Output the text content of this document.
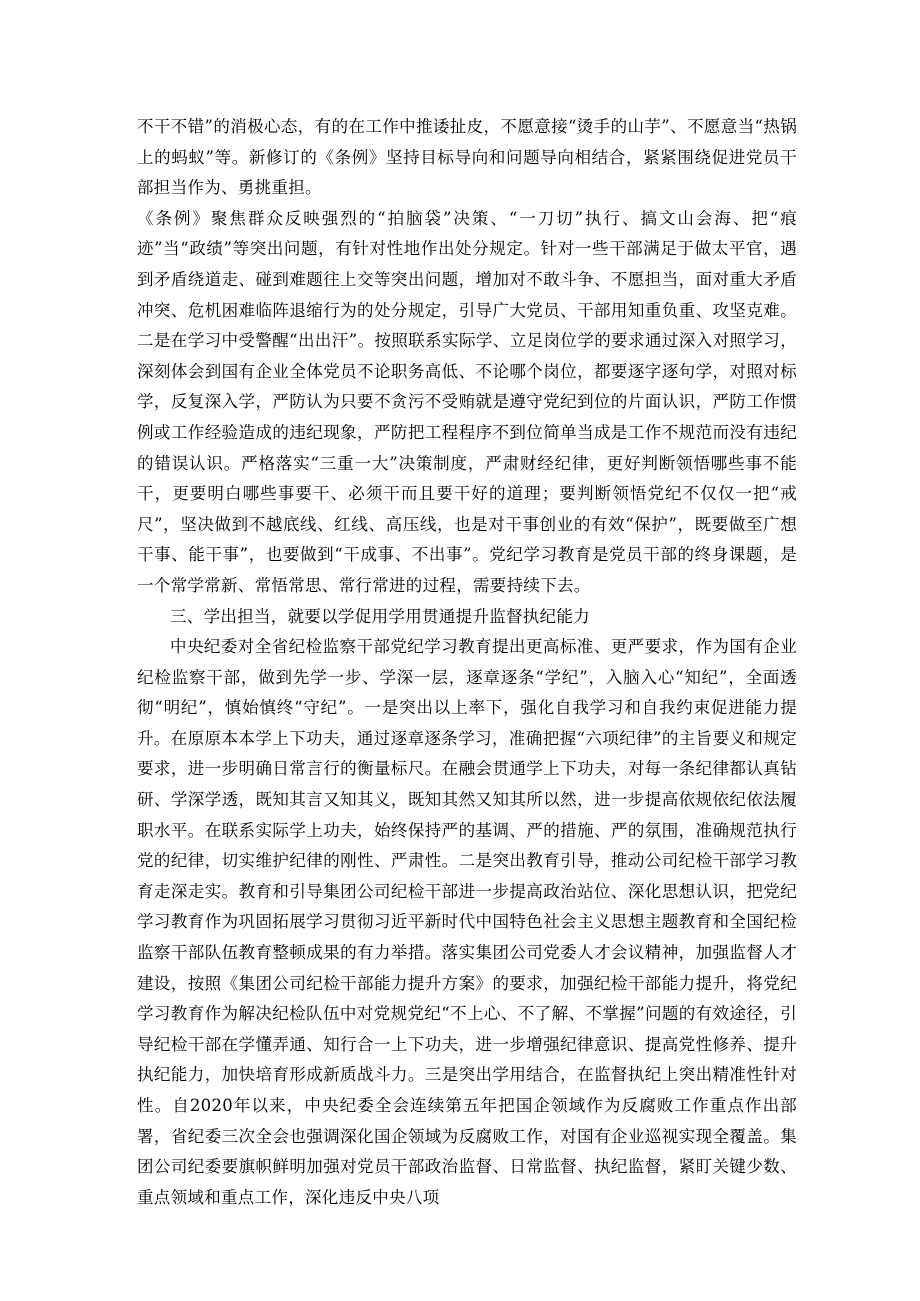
不干不错”的消极心态，有的在工作中推诿扯皮，不愿意接“烫手的山芋”、不愿意当“热锅上的蚂蚁”等。新修订的《条例》坚持目标导向和问题导向相结合，紧紧围绕促进党员干部担当作为、勇挑重担。

《条例》聚焦群众反映强烈的“拍脑袋”决策、“一刀切”执行、搞文山会海、把“痕迹”当“政绩”等突出问题，有针对性地作出处分规定。针对一些干部满足于做太平官，遇到矛盾绕道走、碰到难题往上交等突出问题，增加对不敢斗争、不愿担当，面对重大矛盾冲突、危机困难临阵退缩行为的处分规定，引导广大党员、干部用知重负重、攻坚克难。二是在学习中受警醒“出出汗”。按照联系实际学、立足岗位学的要求通过深入对照学习，深刻体会到国有企业全体党员不论职务高低、不论哪个岗位，都要逐字逐句学，对照对标学，反复深入学，严防认为只要不贪污不受贿就是遵守党纪到位的片面认识，严防工作惯例或工作经验造成的违纪现象，严防把工程程序不到位简单当成是工作不规范而没有违纪的错误认识。严格落实“三重一大”决策制度，严肃财经纪律，更好判断领悟哪些事不能干，更要明白哪些事要干、必须干而且要干好的道理；要判断领悟党纪不仅仅一把“戒尺”，坚决做到不越底线、红线、高压线，也是对干事创业的有效“保护”，既要做至广想干事、能干事”，也要做到“干成事、不出事”。党纪学习教育是党员干部的终身课题，是一个常学常新、常悟常思、常行常进的过程，需要持续下去。

三、学出担当，就要以学促用学用贯通提升监督执纪能力

中央纪委对全省纪检监察干部党纪学习教育提出更高标准、更严要求，作为国有企业纪检监察干部，做到先学一步、学深一层，逐章逐条“学纪”，入脑入心“知纪”，全面透彻“明纪”，慎始慎终“守纪”。一是突出以上率下，强化自我学习和自我约束促进能力提升。在原原本本学上下功夫，通过逐章逐条学习，准确把握“六项纪律”的主旨要义和规定要求，进一步明确日常言行的衡量标尺。在融会贯通学上下功夫，对每一条纪律都认真钻研、学深学透，既知其言又知其义，既知其然又知其所以然，进一步提高依规依纪依法履职水平。在联系实际学上功夫，始终保持严的基调、严的措施、严的氛围，准确规范执行党的纪律，切实维护纪律的刚性、严肃性。二是突出教育引导，推动公司纪检干部学习教育走深走实。教育和引导集团公司纪检干部进一步提高政治站位、深化思想认识，把党纪学习教育作为巩固拓展学习贯彻习近平新时代中国特色社会主义思想主题教育和全国纪检监察干部队伍教育整顿成果的有力举措。落实集团公司党委人才会议精神，加强监督人才建设，按照《集团公司纪检干部能力提升方案》的要求，加强纪检干部能力提升，将党纪学习教育作为解决纪检队伍中对党规党纪“不上心、不了解、不掌握”问题的有效途径，引导纪检干部在学懂弄通、知行合一上下功夫，进一步增强纪律意识、提高党性修养、提升执纪能力，加快培育形成新质战斗力。三是突出学用结合，在监督执纪上突出精准性针对性。自2020年以来，中央纪委全会连续第五年把国企领域作为反腐败工作重点作出部署，省纪委三次全会也强调深化国企领域为反腐败工作，对国有企业巡视实现全覆盖。集团公司纪委要旗帜鲜明加强对党员干部政治监督、日常监督、执纪监督，紧盯关键少数、重点领域和重点工作，深化违反中央八项
